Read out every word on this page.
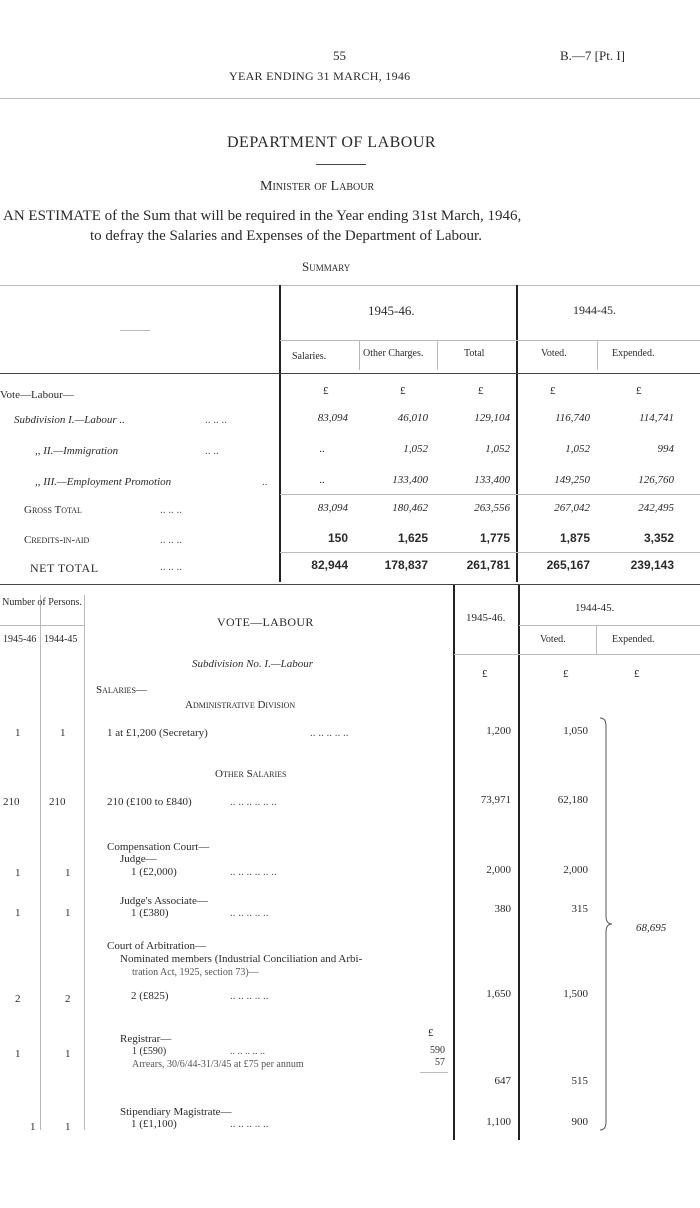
55	B.—7 [Pt. I]
YEAR ENDING 31 MARCH, 1946
DEPARTMENT OF LABOUR
Minister of Labour
AN ESTIMATE of the Sum that will be required in the Year ending 31st March, 1946,
to defray the Salaries and Expenses of the Department of Labour.
Summary
1945-46.	1944-45.
Salaries.	Other Charges.	Total	Voted.	Expended.
Vote—Labour—	£	£	£	£	£
Subdivision I.—Labour ..	.. .. ..	83,094	46,010	129,104	116,740	114,741
,, II.—Immigration	.. ..	..	1,052	1,052	1,052	994
,, III.—Employment Promotion	..	..	133,400	133,400	149,250	126,760
Gross Total	.. .. ..	83,094	180,462	263,556	267,042	242,495
Credits-in-aid	.. .. ..	150	1,625	1,775	1,875	3,352
NET TOTAL	.. .. ..	82,944	178,837	261,781	265,167	239,143
Number of Persons.
1945-46 1944-45
VOTE—LABOUR	1945-46.
1944-45.
Voted.	Expended.
Subdivision No. I.—Labour
£	£	£
Salaries—
Administrative Division
1	1	1 at £1,200 (Secretary)	.. .. .. .. ..	1,200	1,050
Other Salaries
210	210	210 (£100 to £840)	.. .. .. .. .. ..	73,971	62,180
Compensation Court—
Judge—
1	1	1 (£2,000)	.. .. .. .. .. ..	2,000	2,000
Judge's Associate—
1	1	1 (£380)	.. .. .. .. ..	380	315
68,695
Court of Arbitration—
Nominated members (Industrial Conciliation and Arbi-
tration Act, 1925, section 73)—
2	2	2 (£825)	.. .. .. .. ..	1,650	1,500
Registrar—	£
1	1	1 (£590)	.. .. .. .. ..	590
Arrears, 30/6/44-31/3/45 at £75 per annum	57
647	515
Stipendiary Magistrate—
1	1	1 (£1,100)	.. .. .. .. ..	1,100	900
